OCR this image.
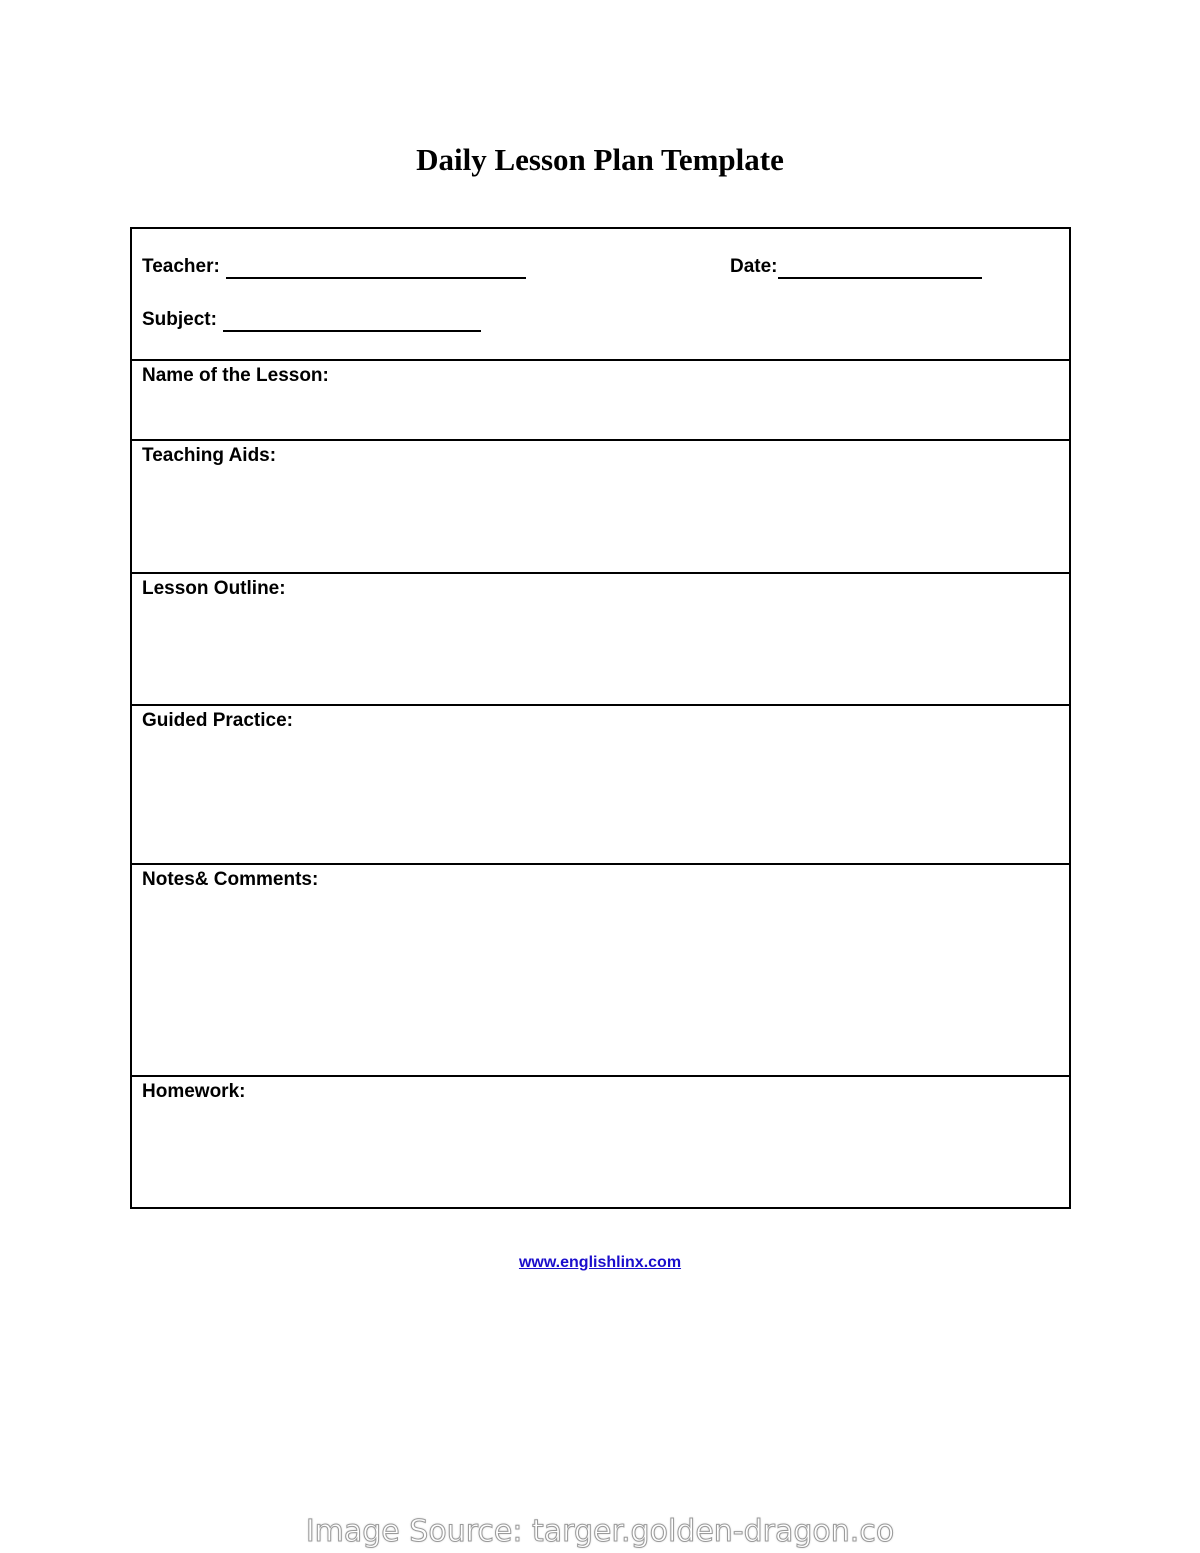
Daily Lesson Plan Template
Teacher:	Date:
Subject:
Name of the Lesson:
Teaching Aids:
Lesson Outline:
Guided Practice:
Notes& Comments:
Homework:
www.englishlinx.com
Image Source: targer.golden-dragon.co
